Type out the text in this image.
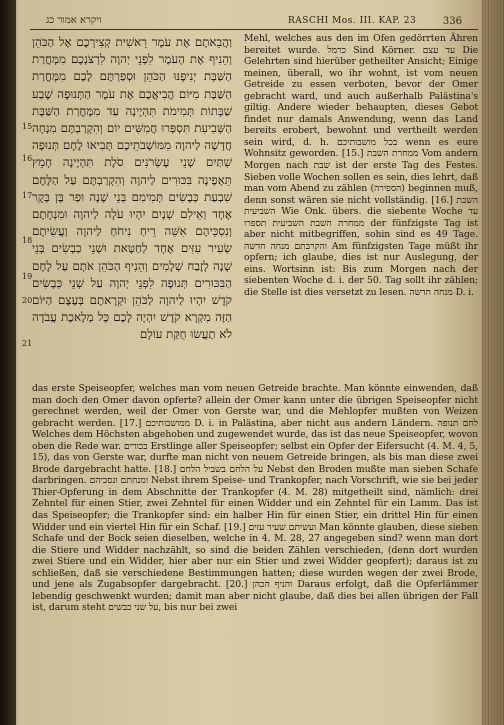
ויקרא אמור כג	RASCHI Mos. III. KAP. 23	336
15
16
17
18
19
20
21
וַהֲבֵאתֶם אֶת עֹמֶר רֵאשִׁית קְצִירְכֶם אֶל הַכֹּהֵן וְהֵנִיף אֶת הָעֹמֶר לִפְנֵי יְהוָה לִרְצֹנְכֶם מִמָּחֳרַת הַשַּׁבָּת יְנִיפֶנּוּ הַכֹּהֵן וּסְפַרְתֶּם לָכֶם מִמָּחֳרַת הַשַּׁבָּת מִיּוֹם הֲבִיאֲכֶם אֶת עֹמֶר הַתְּנוּפָה שֶׁבַע שַׁבָּתוֹת תְּמִימֹת תִּהְיֶינָה עַד מִמָּחֳרַת הַשַּׁבָּת הַשְּׁבִיעִת תִּסְפְּרוּ חֲמִשִּׁים יוֹם וְהִקְרַבְתֶּם מִנְחָה חֲדָשָׁה לַיהוָה מִמּוֹשְׁבֹתֵיכֶם תָּבִיאוּ לֶחֶם תְּנוּפָה שְׁתַּיִם שְׁנֵי עֶשְׂרֹנִים סֹלֶת תִּהְיֶינָה חָמֵץ תֵּאָפֶינָה בִּכּוּרִים לַיהוָה וְהִקְרַבְתֶּם עַל הַלֶּחֶם שִׁבְעַת כְּבָשִׂים תְּמִימִם בְּנֵי שָׁנָה וּפַר בֶּן בָּקָר אֶחָד וְאֵילִם שְׁנָיִם יִהְיוּ עֹלָה לַיהוָה וּמִנְחָתָם וְנִסְכֵּיהֶם אִשֵּׁה רֵיחַ נִיחֹחַ לַיהוָה וַעֲשִׂיתֶם שְׂעִיר עִזִּים אֶחָד לְחַטָּאת וּשְׁנֵי כְבָשִׂים בְּנֵי שָׁנָה לְזֶבַח שְׁלָמִים וְהֵנִיף הַכֹּהֵן אֹתָם עַל לֶחֶם הַבִּכּוּרִים תְּנוּפָה לִפְנֵי יְהוָה עַל שְׁנֵי כְּבָשִׂים קֹדֶשׁ יִהְיוּ לַיהוָה לַכֹּהֵן וּקְרָאתֶם בְּעֶצֶם הַיּוֹם הַזֶּה מִקְרָא קֹדֶשׁ יִהְיֶה לָכֶם כָּל מְלֶאכֶת עֲבֹדָה לֹא תַעֲשׂוּ חֻקַּת עוֹלָם

Mehl, welches aus den im Ofen gedörrten Ähren bereitet wurde. כרמל Sind Körner. עד עצם Die Gelehrten sind hierüber getheilter Ansicht; Einige meinen, überall, wo ihr wohnt, ist vom neuen Getreide zu essen verboten, bevor der Omer gebracht ward, und auch außerhalb Palästina's giltig. Andere wieder behaupten, dieses Gebot findet nur damals Anwendung, wenn das Land bereits erobert, bewohnt und vertheilt werden sein wird, d. h. בכל מושבותיכם wenn es eure Wohnsitz geworden. [15.] ממחרת השבת Vom andern Morgen nach שבת ist der erste Tag des Festes. Sieben volle Wochen sollen es sein, dies lehrt, daß man vom Abend zu zählen (הספירה) beginnen muß, denn sonst wären sie nicht vollständig. [16.] השבת השביעית Wie Onk. übers. die siebente Woche עד ממחרת השבת השביעית תספרו der fünfzigste Tag ist aber nicht mitbegriffen, sohin sind es 49 Tage. והקרבתם מנחה חדשה Am fünfzigsten Tage müßt ihr opfern; ich glaube, dies ist nur Auslegung, der eins. Wortsinn ist: Bis zum Morgen nach der siebenten Woche d. i. der 50. Tag sollt ihr zählen; die Stelle ist dies versetzt zu lesen. מנחה חדשה D. i.

das erste Speiseopfer, welches man vom neuen Getreide brachte. Man könnte einwenden, daß man doch den Omer davon opferte? allein der Omer kann unter die übrigen Speiseopfer nicht gerechnet werden, weil der Omer von Gerste war, und die Mehlopfer mußten von Weizen gebracht werden. [17.] ממושבותיכם D. i. in Palästina, aber nicht aus andern Ländern. לחם תנופה Welches dem Höchsten abgehoben und zugewendet wurde, das ist das neue Speiseopfer, wovon oben die Rede war. בכורים Erstlinge aller Speiseopfer; selbst ein Opfer der Eifersucht (4. M. 4, 5, 15), das von Gerste war, durfte man nicht von neuem Getreide bringen, als bis man diese zwei Brode dargebracht hatte. [18.] על הלחם בשביל הלחם Nebst den Broden mußte man sieben Schafe darbringen. ומנחתם ונסכיהם Nebst ihrem Speise- und Trankopfer, nach Vorschrift, wie sie bei jeder Thier-Opferung in dem Abschnitte der Trankopfer (4. M. 28) mitgetheilt sind, nämlich: drei Zehntel für einen Stier, zwei Zehntel für einen Widder und ein Zehntel für ein Lamm. Das ist das Speiseopfer; die Trankopfer sind: ein halber Hin für einen Stier, ein drittel Hin für einen Widder und ein viertel Hin für ein Schaf. [19.] ועשיתם שעיר עזים Man könnte glauben, diese sieben Schafe und der Bock seien dieselben, welche in 4. M. 28, 27 angegeben sind? wenn man dort die Stiere und Widder nachzählt, so sind die beiden Zählen verschieden, (denn dort wurden zwei Stiere und ein Widder, hier aber nur ein Stier und zwei Widder geopfert); daraus ist zu schließen, daß sie verschiedene Bestimmungen hatten; diese wurden wegen der zwei Brode, und jene als Zugabsopfer dargebracht. [20.] והניף הכהן Daraus erfolgt, daß die Opferlämmer lebendig geschwenkt wurden; damit man aber nicht glaube, daß dies bei allen übrigen der Fall ist, darum steht על שני כבשים, bis nur bei zwei
